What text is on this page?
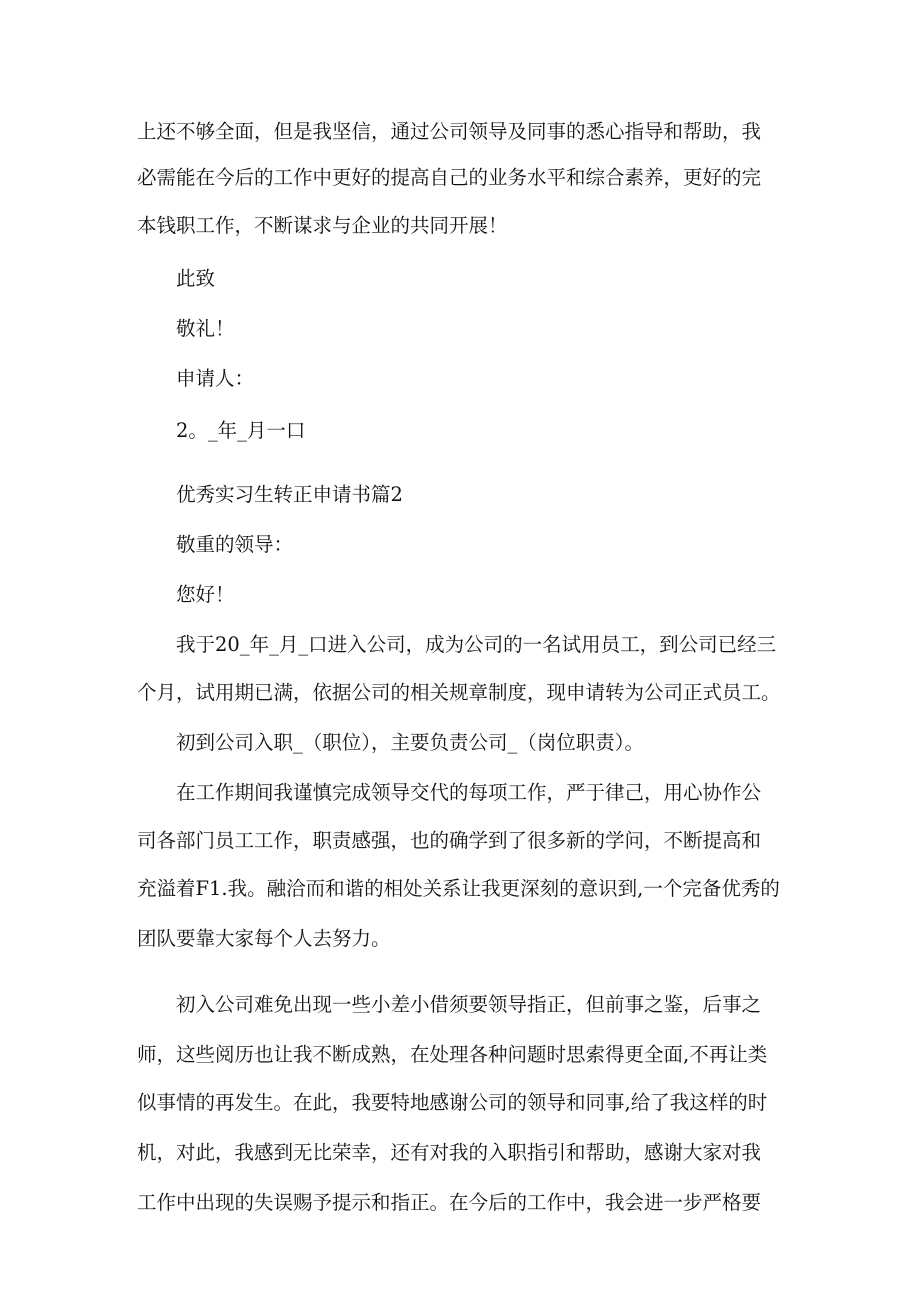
上还不够全面，但是我坚信，通过公司领导及同事的悉心指导和帮助，我
必需能在今后的工作中更好的提高自己的业务水平和综合素养，更好的完
本钱职工作，不断谋求与企业的共同开展！
此致
敬礼！
申请人：
2。_年_月一口
优秀实习生转正申请书篇2
敬重的领导：
您好！
我于20_年_月_口进入公司，成为公司的一名试用员工，到公司已经三
个月，试用期已满，依据公司的相关规章制度，现申请转为公司正式员工。
初到公司入职_（职位），主要负责公司_（岗位职责）。
在工作期间我谨慎完成领导交代的每项工作，严于律己，用心协作公
司各部门员工工作，职责感强，也的确学到了很多新的学问，不断提高和
充溢着F1.我。融洽而和谐的相处关系让我更深刻的意识到,一个完备优秀的
团队要靠大家每个人去努力。
初入公司难免出现一些小差小借须要领导指正，但前事之鉴，后事之
师，这些阅历也让我不断成熟，在处理各种问题时思索得更全面,不再让类
似事情的再发生。在此，我要特地感谢公司的领导和同事,给了我这样的时
机，对此，我感到无比荣幸，还有对我的入职指引和帮助，感谢大家对我
工作中出现的失误赐予提示和指正。在今后的工作中，我会进一步严格要
